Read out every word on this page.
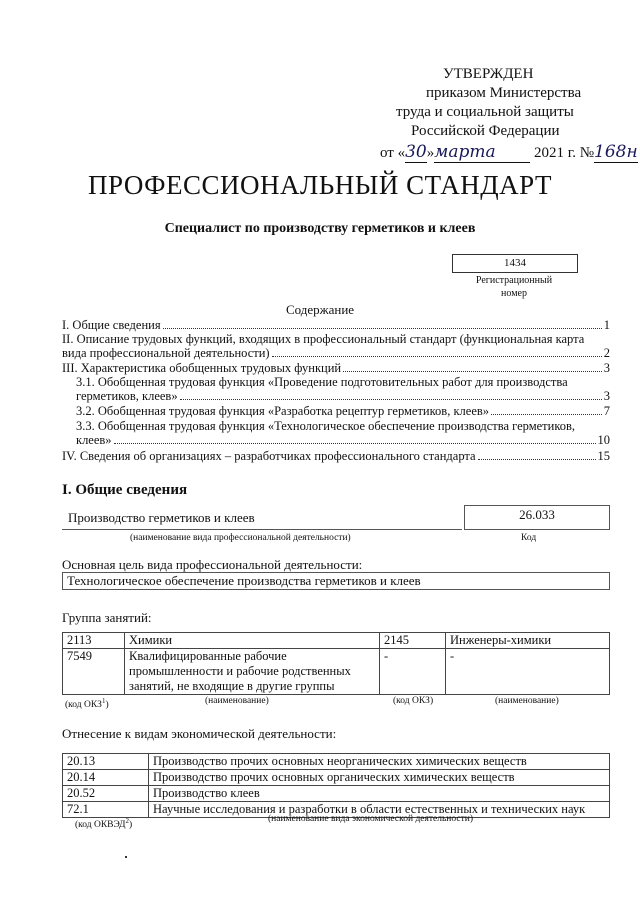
УТВЕРЖДЕН
приказом Министерства
труда и социальной защиты
Российской Федерации
от «30»марта	2021 г. №168н
ПРОФЕССИОНАЛЬНЫЙ СТАНДАРТ
Специалист по производству герметиков и клеев
1434
Регистрационный
номер
Содержание
I. Общие сведения	1
II. Описание трудовых функций, входящих в профессиональный стандарт (функциональная карта
вида профессиональной деятельности)	2
III. Характеристика обобщенных трудовых функций	3
3.1. Обобщенная трудовая функция «Проведение подготовительных работ для производства
герметиков, клеев»	3
3.2. Обобщенная трудовая функция «Разработка рецептур герметиков, клеев»	7
3.3. Обобщенная трудовая функция «Технологическое обеспечение производства герметиков,
клеев»	10
IV. Сведения об организациях – разработчиках профессионального стандарта	15
I. Общие сведения
Производство герметиков и клеев	26.033
(наименование вида профессиональной деятельности)	Код
Основная цель вида профессиональной деятельности:
Технологическое обеспечение производства герметиков и клеев
Группа занятий:
2113	Химики	2145	Инженеры-химики
7549	Квалифицированные рабочие
промышленности и рабочие родственных
занятий, не входящие в другие группы	-	-
(код ОКЗ$^1$)	(наименование)	(код ОКЗ)	(наименование)
Отнесение к видам экономической деятельности:
20.13	Производство прочих основных неорганических химических веществ
20.14	Производство прочих основных органических химических веществ
20.52	Производство клеев
72.1	Научные исследования и разработки в области естественных и технических наук
(код ОКВЭД$^2$)
(наименование вида экономической деятельности)
